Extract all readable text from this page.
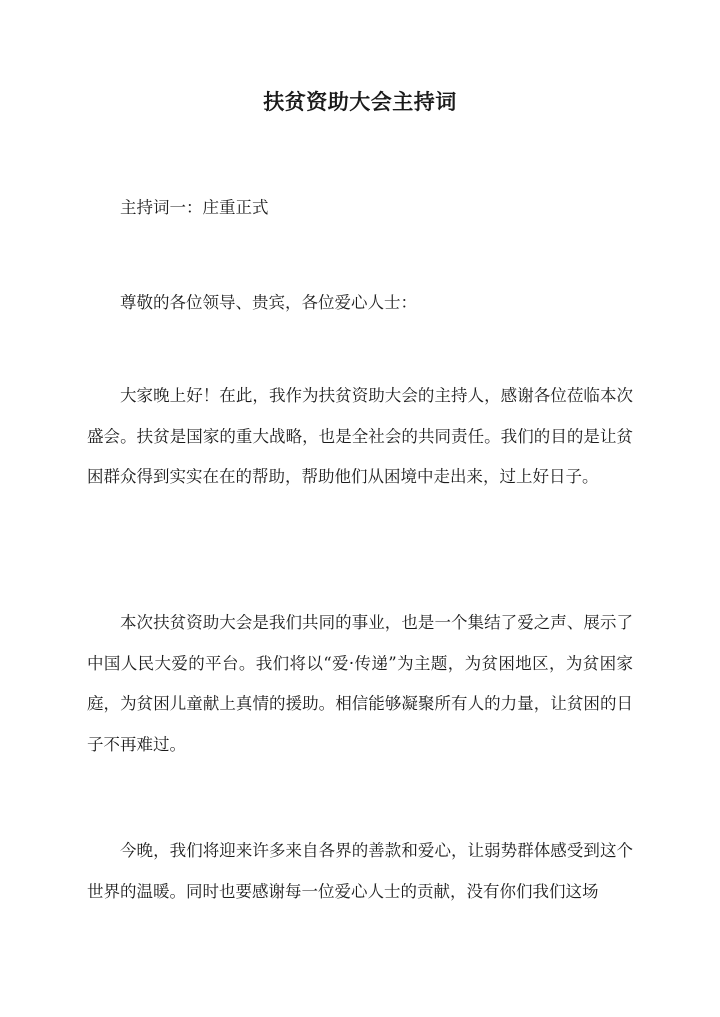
扶贫资助大会主持词
主持词一：庄重正式
尊敬的各位领导、贵宾，各位爱心人士：
大家晚上好！在此，我作为扶贫资助大会的主持人，感谢各位莅临本次盛会。扶贫是国家的重大战略，也是全社会的共同责任。我们的目的是让贫困群众得到实实在在的帮助，帮助他们从困境中走出来，过上好日子。
本次扶贫资助大会是我们共同的事业，也是一个集结了爱之声、展示了中国人民大爱的平台。我们将以“爱·传递”为主题，为贫困地区，为贫困家庭，为贫困儿童献上真情的援助。相信能够凝聚所有人的力量，让贫困的日子不再难过。
今晚，我们将迎来许多来自各界的善款和爱心，让弱势群体感受到这个世界的温暖。同时也要感谢每一位爱心人士的贡献，没有你们我们这场
